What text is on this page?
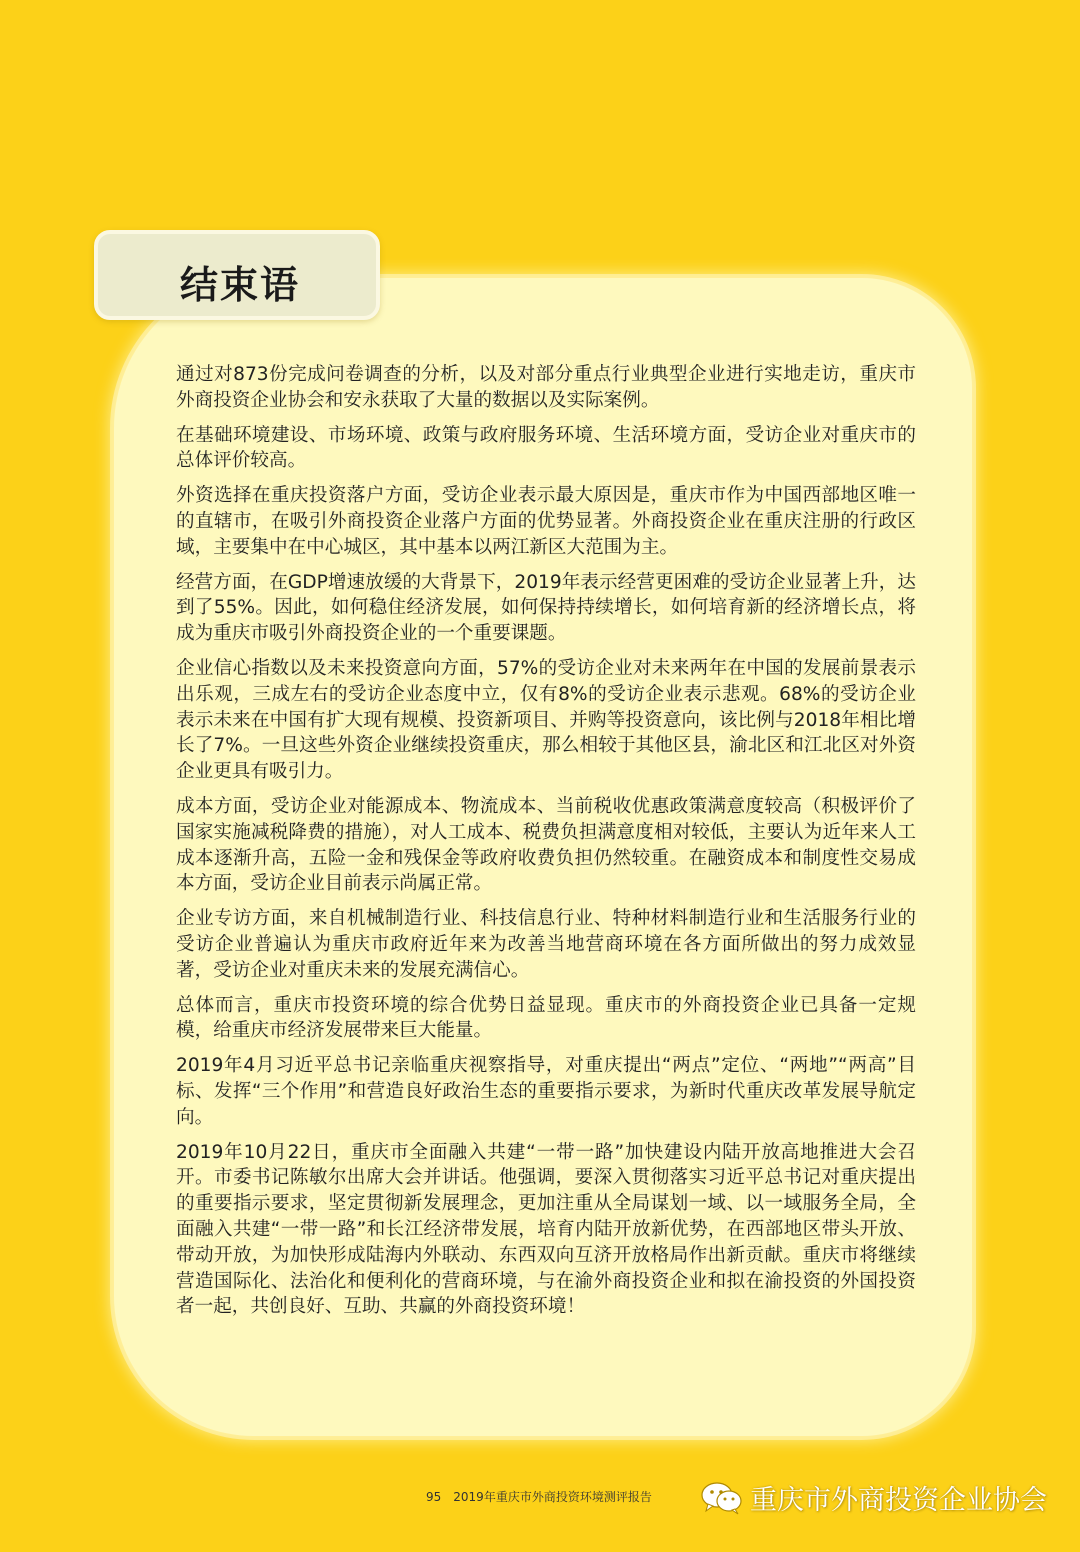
结束语

通过对873份完成问卷调查的分析，以及对部分重点行业典型企业进行实地走访，重庆市外商投资企业协会和安永获取了大量的数据以及实际案例。

在基础环境建设、市场环境、政策与政府服务环境、生活环境方面，受访企业对重庆市的总体评价较高。

外资选择在重庆投资落户方面，受访企业表示最大原因是，重庆市作为中国西部地区唯一的直辖市，在吸引外商投资企业落户方面的优势显著。外商投资企业在重庆注册的行政区域，主要集中在中心城区，其中基本以两江新区大范围为主。

经营方面，在GDP增速放缓的大背景下，2019年表示经营更困难的受访企业显著上升，达到了55%。因此，如何稳住经济发展，如何保持持续增长，如何培育新的经济增长点，将成为重庆市吸引外商投资企业的一个重要课题。

企业信心指数以及未来投资意向方面，57%的受访企业对未来两年在中国的发展前景表示出乐观，三成左右的受访企业态度中立，仅有8%的受访企业表示悲观。68%的受访企业表示未来在中国有扩大现有规模、投资新项目、并购等投资意向，该比例与2018年相比增长了7%。一旦这些外资企业继续投资重庆，那么相较于其他区县，渝北区和江北区对外资企业更具有吸引力。

成本方面，受访企业对能源成本、物流成本、当前税收优惠政策满意度较高（积极评价了国家实施减税降费的措施），对人工成本、税费负担满意度相对较低，主要认为近年来人工成本逐渐升高，五险一金和残保金等政府收费负担仍然较重。在融资成本和制度性交易成本方面，受访企业目前表示尚属正常。

企业专访方面，来自机械制造行业、科技信息行业、特种材料制造行业和生活服务行业的受访企业普遍认为重庆市政府近年来为改善当地营商环境在各方面所做出的努力成效显著，受访企业对重庆未来的发展充满信心。

总体而言，重庆市投资环境的综合优势日益显现。重庆市的外商投资企业已具备一定规模，给重庆市经济发展带来巨大能量。

2019年4月习近平总书记亲临重庆视察指导，对重庆提出“两点”定位、“两地”“两高”目标、发挥“三个作用”和营造良好政治生态的重要指示要求，为新时代重庆改革发展导航定向。

2019年10月22日，重庆市全面融入共建“一带一路”加快建设内陆开放高地推进大会召开。市委书记陈敏尔出席大会并讲话。他强调，要深入贯彻落实习近平总书记对重庆提出的重要指示要求，坚定贯彻新发展理念，更加注重从全局谋划一域、以一域服务全局，全面融入共建“一带一路”和长江经济带发展，培育内陆开放新优势，在西部地区带头开放、带动开放，为加快形成陆海内外联动、东西双向互济开放格局作出新贡献。重庆市将继续营造国际化、法治化和便利化的营商环境，与在渝外商投资企业和拟在渝投资的外国投资者一起，共创良好、互助、共赢的外商投资环境！

95 2019年重庆市外商投资环境测评报告	重庆市外商投资企业协会
